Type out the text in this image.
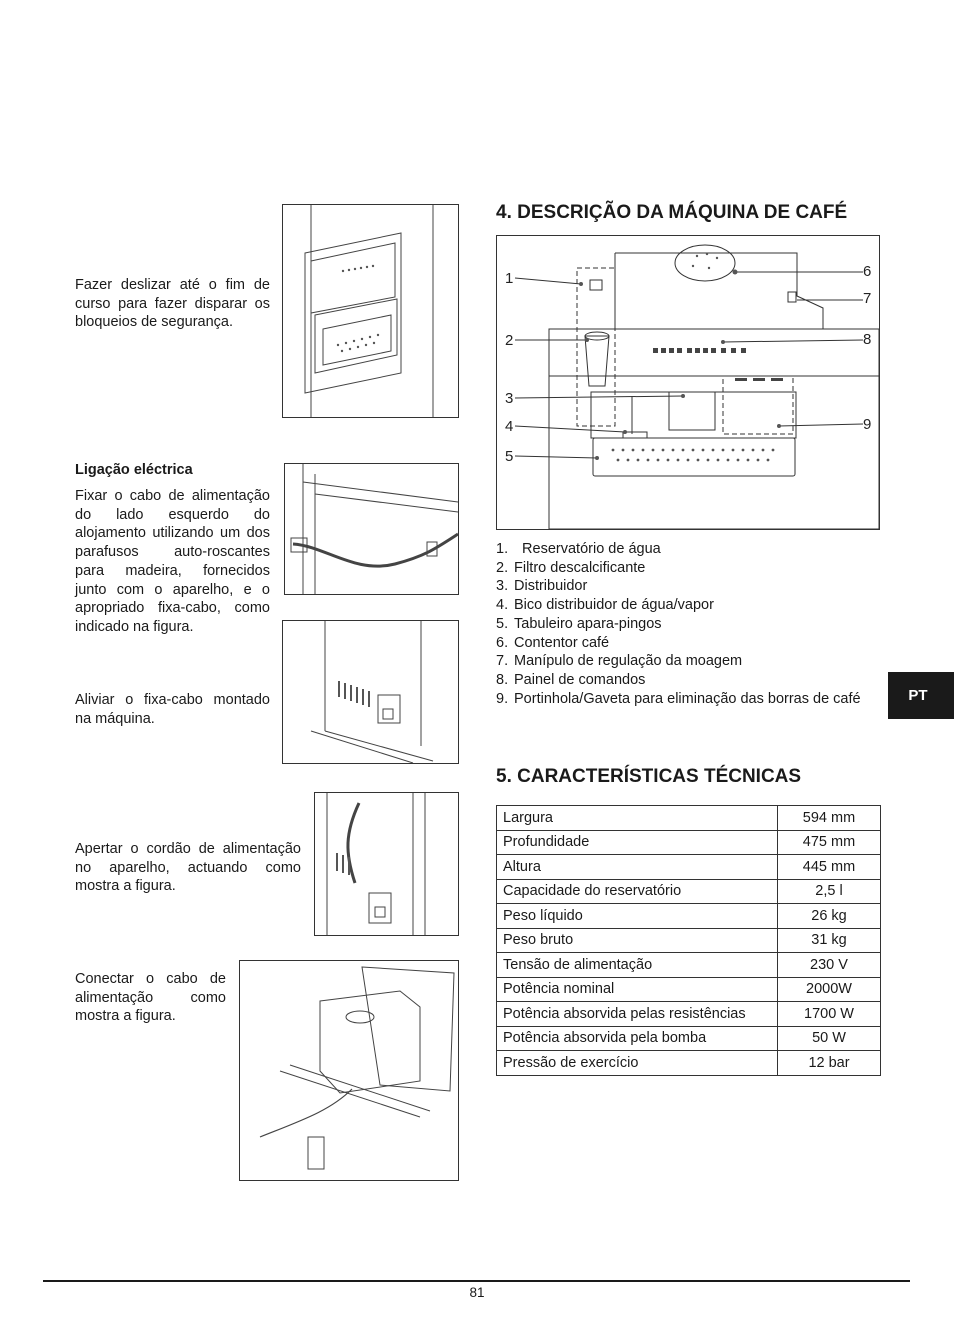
Fazer deslizar até o fim de curso para fazer disparar os bloqueios de segurança.
Ligação eléctrica
Fixar o cabo de alimentação do lado esquerdo do alojamento utilizando um dos parafusos auto-roscantes para madeira, fornecidos junto com o aparelho, e o apropriado fixa-cabo, como indicado na figura.
Aliviar o fixa-cabo montado na máquina.
Apertar o cordão de alimentação no aparelho, actuando como mostra a figura.
Conectar o cabo de alimentação como mostra a figura.
4. DESCRIÇÃO DA MÁQUINA DE CAFÉ
1
2
3
4
5
6
7
8
9
1. Reservatório de água
2. Filtro descalcificante
3. Distribuidor
4. Bico distribuidor de água/vapor
5. Tabuleiro apara-pingos
6. Contentor café
7. Manípulo de regulação da moagem
8. Painel de comandos
9. Portinhola/Gaveta para eliminação das borras de café	PT
5. CARACTERÍSTICAS TÉCNICAS
Largura	594 mm
Profundidade	475 mm
Altura	445 mm
Capacidade do reservatório	2,5 l
Peso líquido	26 kg
Peso bruto	31 kg
Tensão de alimentação	230 V
Potência nominal	2000W
Potência absorvida pelas resistências	1700 W
Potência absorvida pela bomba	50 W
Pressão de exercício	12 bar
81
